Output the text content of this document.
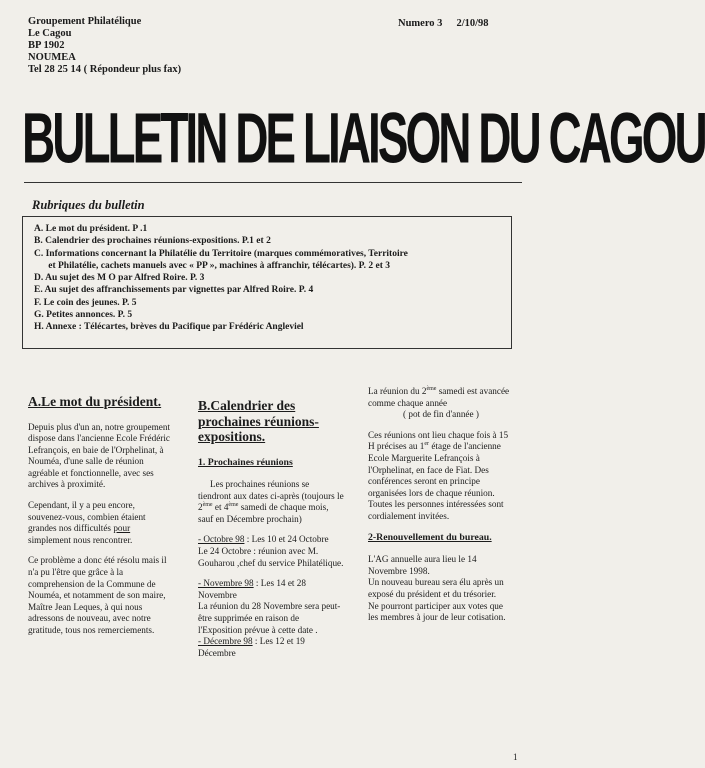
Groupement Philatélique
Le Cagou
BP 1902
NOUMEA
Tel 28 25 14 ( Répondeur plus fax)
Numero 3 2/10/98
BULLETIN DE LIAISON DU CAGOU
Rubriques du bulletin
A. Le mot du président. P .1
B. Calendrier des prochaines réunions-expositions. P.1 et 2
C. Informations concernant la Philatélie du Territoire (marques commémoratives, Territoire
et Philatélie, cachets manuels avec « PP », machines à affranchir, télécartes). P. 2 et 3
D. Au sujet des M O par Alfred Roire. P. 3
E. Au sujet des affranchissements par vignettes par Alfred Roire. P. 4
F. Le coin des jeunes. P. 5
G. Petites annonces. P. 5
H. Annexe : Télécartes, brèves du Pacifique par Frédéric Angleviel
A.Le mot du président.

Depuis plus d'un an, notre groupement dispose dans l'ancienne Ecole Frédéric Lefrançois, en baie de l'Orphelinat, à Nouméa, d'une salle de réunion agréable et fonctionnelle, avec ses archives à proximité.

Cependant, il y a peu encore, souvenez-vous, combien étaient grandes nos difficultés pour simplement nous rencontrer.

Ce problème a donc été résolu mais il n'a pu l'être que grâce à la comprehension de la Commune de Nouméa, et notamment de son maire, Maître Jean Leques, à qui nous adressons de nouveau, avec notre gratitude, tous nos remerciements.

B.Calendrier des prochaines réunions-expositions.
1. Prochaines réunions

Les prochaines réunions se tiendront aux dates ci-après (toujours le 2ème et 4ème samedi de chaque mois, sauf en Décembre prochain)

- Octobre 98 : Les 10 et 24 Octobre

Le 24 Octobre : réunion avec M. Gouharou ,chef du service Philatélique.

- Novembre 98 : Les 14 et 28 Novembre

La réunion du 28 Novembre sera peut-être supprimée en raison de l'Exposition prévue à cette date .

- Décembre 98 : Les 12 et 19 Décembre

La réunion du 2ème samedi est avancée comme chaque année

( pot de fin d'année )

Ces réunions ont lieu chaque fois à 15 H précises au 1er étage de l'ancienne Ecole Marguerite Lefrançois à l'Orphelinat, en face de Fiat. Des conférences seront en principe organisées lors de chaque réunion.

Toutes les personnes intéressées sont cordialement invitées.

2-Renouvellement du bureau.

L'AG annuelle aura lieu le 14 Novembre 1998.

Un nouveau bureau sera élu après un exposé du président et du trésorier.

Ne pourront participer aux votes que les membres à jour de leur cotisation.

1
